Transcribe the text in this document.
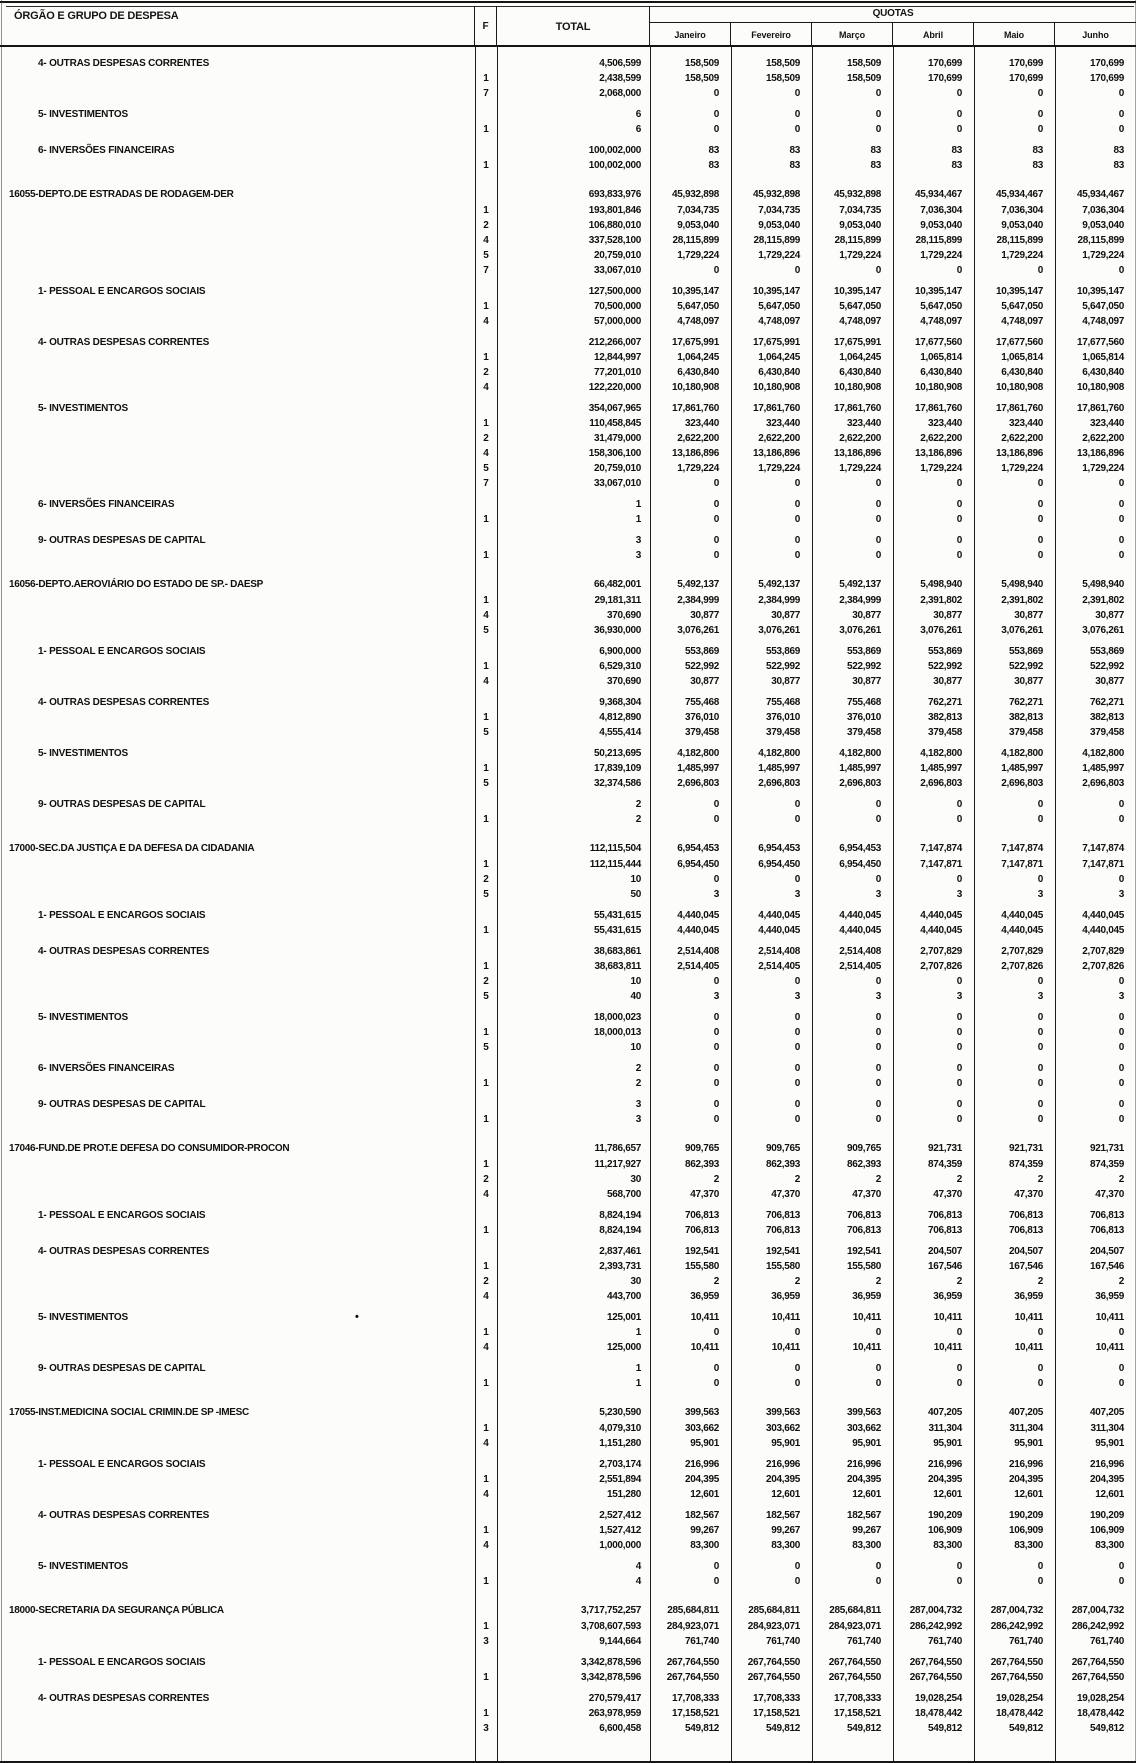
ÓRGÃO E GRUPO DE DESPESA
F	TOTAL
QUOTAS
Janeiro	Fevereiro	Março	Abril	Maio	Junho
4- OUTRAS DESPESAS CORRENTES	4,506,599	158,509	158,509	158,509	170,699	170,699	170,699
1	2,438,599	158,509	158,509	158,509	170,699	170,699	170,699
7	2,068,000	0	0	0	0	0	0
5- INVESTIMENTOS	6	0	0	0	0	0	0
1	6	0	0	0	0	0	0
6- INVERSÕES FINANCEIRAS	100,002,000	83	83	83	83	83	83
1	100,002,000	83	83	83	83	83	83
16055-DEPTO.DE ESTRADAS DE RODAGEM-DER	693,833,976	45,932,898	45,932,898	45,932,898	45,934,467	45,934,467	45,934,467
1	193,801,846	7,034,735	7,034,735	7,034,735	7,036,304	7,036,304	7,036,304
2	106,880,010	9,053,040	9,053,040	9,053,040	9,053,040	9,053,040	9,053,040
4	337,528,100	28,115,899	28,115,899	28,115,899	28,115,899	28,115,899	28,115,899
5	20,759,010	1,729,224	1,729,224	1,729,224	1,729,224	1,729,224	1,729,224
7	33,067,010	0	0	0	0	0	0
1- PESSOAL E ENCARGOS SOCIAIS	127,500,000	10,395,147	10,395,147	10,395,147	10,395,147	10,395,147	10,395,147
1	70,500,000	5,647,050	5,647,050	5,647,050	5,647,050	5,647,050	5,647,050
4	57,000,000	4,748,097	4,748,097	4,748,097	4,748,097	4,748,097	4,748,097
4- OUTRAS DESPESAS CORRENTES	212,266,007	17,675,991	17,675,991	17,675,991	17,677,560	17,677,560	17,677,560
1	12,844,997	1,064,245	1,064,245	1,064,245	1,065,814	1,065,814	1,065,814
2	77,201,010	6,430,840	6,430,840	6,430,840	6,430,840	6,430,840	6,430,840
4	122,220,000	10,180,908	10,180,908	10,180,908	10,180,908	10,180,908	10,180,908
5- INVESTIMENTOS	354,067,965	17,861,760	17,861,760	17,861,760	17,861,760	17,861,760	17,861,760
1	110,458,845	323,440	323,440	323,440	323,440	323,440	323,440
2	31,479,000	2,622,200	2,622,200	2,622,200	2,622,200	2,622,200	2,622,200
4	158,306,100	13,186,896	13,186,896	13,186,896	13,186,896	13,186,896	13,186,896
5	20,759,010	1,729,224	1,729,224	1,729,224	1,729,224	1,729,224	1,729,224
7	33,067,010	0	0	0	0	0	0
6- INVERSÕES FINANCEIRAS	1	0	0	0	0	0	0
1	1	0	0	0	0	0	0
9- OUTRAS DESPESAS DE CAPITAL	3	0	0	0	0	0	0
1	3	0	0	0	0	0	0
16056-DEPTO.AEROVIÁRIO DO ESTADO DE SP.- DAESP	66,482,001	5,492,137	5,492,137	5,492,137	5,498,940	5,498,940	5,498,940
1	29,181,311	2,384,999	2,384,999	2,384,999	2,391,802	2,391,802	2,391,802
4	370,690	30,877	30,877	30,877	30,877	30,877	30,877
5	36,930,000	3,076,261	3,076,261	3,076,261	3,076,261	3,076,261	3,076,261
1- PESSOAL E ENCARGOS SOCIAIS	6,900,000	553,869	553,869	553,869	553,869	553,869	553,869
1	6,529,310	522,992	522,992	522,992	522,992	522,992	522,992
4	370,690	30,877	30,877	30,877	30,877	30,877	30,877
4- OUTRAS DESPESAS CORRENTES	9,368,304	755,468	755,468	755,468	762,271	762,271	762,271
1	4,812,890	376,010	376,010	376,010	382,813	382,813	382,813
5	4,555,414	379,458	379,458	379,458	379,458	379,458	379,458
5- INVESTIMENTOS	50,213,695	4,182,800	4,182,800	4,182,800	4,182,800	4,182,800	4,182,800
1	17,839,109	1,485,997	1,485,997	1,485,997	1,485,997	1,485,997	1,485,997
5	32,374,586	2,696,803	2,696,803	2,696,803	2,696,803	2,696,803	2,696,803
9- OUTRAS DESPESAS DE CAPITAL	2	0	0	0	0	0	0
1	2	0	0	0	0	0	0
17000-SEC.DA JUSTIÇA E DA DEFESA DA CIDADANIA	112,115,504	6,954,453	6,954,453	6,954,453	7,147,874	7,147,874	7,147,874
1	112,115,444	6,954,450	6,954,450	6,954,450	7,147,871	7,147,871	7,147,871
2	10	0	0	0	0	0	0
5	50	3	3	3	3	3	3
1- PESSOAL E ENCARGOS SOCIAIS	55,431,615	4,440,045	4,440,045	4,440,045	4,440,045	4,440,045	4,440,045
1	55,431,615	4,440,045	4,440,045	4,440,045	4,440,045	4,440,045	4,440,045
4- OUTRAS DESPESAS CORRENTES	38,683,861	2,514,408	2,514,408	2,514,408	2,707,829	2,707,829	2,707,829
1	38,683,811	2,514,405	2,514,405	2,514,405	2,707,826	2,707,826	2,707,826
2	10	0	0	0	0	0	0
5	40	3	3	3	3	3	3
5- INVESTIMENTOS	18,000,023	0	0	0	0	0	0
1	18,000,013	0	0	0	0	0	0
5	10	0	0	0	0	0	0
6- INVERSÕES FINANCEIRAS	2	0	0	0	0	0	0
1	2	0	0	0	0	0	0
9- OUTRAS DESPESAS DE CAPITAL	3	0	0	0	0	0	0
1	3	0	0	0	0	0	0
17046-FUND.DE PROT.E DEFESA DO CONSUMIDOR-PROCON	11,786,657	909,765	909,765	909,765	921,731	921,731	921,731
1	11,217,927	862,393	862,393	862,393	874,359	874,359	874,359
2	30	2	2	2	2	2	2
4	568,700	47,370	47,370	47,370	47,370	47,370	47,370
1- PESSOAL E ENCARGOS SOCIAIS	8,824,194	706,813	706,813	706,813	706,813	706,813	706,813
1	8,824,194	706,813	706,813	706,813	706,813	706,813	706,813
4- OUTRAS DESPESAS CORRENTES	2,837,461	192,541	192,541	192,541	204,507	204,507	204,507
1	2,393,731	155,580	155,580	155,580	167,546	167,546	167,546
2	30	2	2	2	2	2	2
4	443,700	36,959	36,959	36,959	36,959	36,959	36,959
5- INVESTIMENTOS	•	125,001	10,411	10,411	10,411	10,411	10,411	10,411
1	1	0	0	0	0	0	0
4	125,000	10,411	10,411	10,411	10,411	10,411	10,411
9- OUTRAS DESPESAS DE CAPITAL	1	0	0	0	0	0	0
1	1	0	0	0	0	0	0
17055-INST.MEDICINA SOCIAL CRIMIN.DE SP -IMESC	5,230,590	399,563	399,563	399,563	407,205	407,205	407,205
1	4,079,310	303,662	303,662	303,662	311,304	311,304	311,304
4	1,151,280	95,901	95,901	95,901	95,901	95,901	95,901
1- PESSOAL E ENCARGOS SOCIAIS	2,703,174	216,996	216,996	216,996	216,996	216,996	216,996
1	2,551,894	204,395	204,395	204,395	204,395	204,395	204,395
4	151,280	12,601	12,601	12,601	12,601	12,601	12,601
4- OUTRAS DESPESAS CORRENTES	2,527,412	182,567	182,567	182,567	190,209	190,209	190,209
1	1,527,412	99,267	99,267	99,267	106,909	106,909	106,909
4	1,000,000	83,300	83,300	83,300	83,300	83,300	83,300
5- INVESTIMENTOS	4	0	0	0	0	0	0
1	4	0	0	0	0	0	0
18000-SECRETARIA DA SEGURANÇA PÚBLICA	3,717,752,257	285,684,811	285,684,811	285,684,811	287,004,732	287,004,732	287,004,732
1	3,708,607,593	284,923,071	284,923,071	284,923,071	286,242,992	286,242,992	286,242,992
3	9,144,664	761,740	761,740	761,740	761,740	761,740	761,740
1- PESSOAL E ENCARGOS SOCIAIS	3,342,878,596	267,764,550	267,764,550	267,764,550	267,764,550	267,764,550	267,764,550
1	3,342,878,596	267,764,550	267,764,550	267,764,550	267,764,550	267,764,550	267,764,550
4- OUTRAS DESPESAS CORRENTES	270,579,417	17,708,333	17,708,333	17,708,333	19,028,254	19,028,254	19,028,254
1	263,978,959	17,158,521	17,158,521	17,158,521	18,478,442	18,478,442	18,478,442
3	6,600,458	549,812	549,812	549,812	549,812	549,812	549,812
